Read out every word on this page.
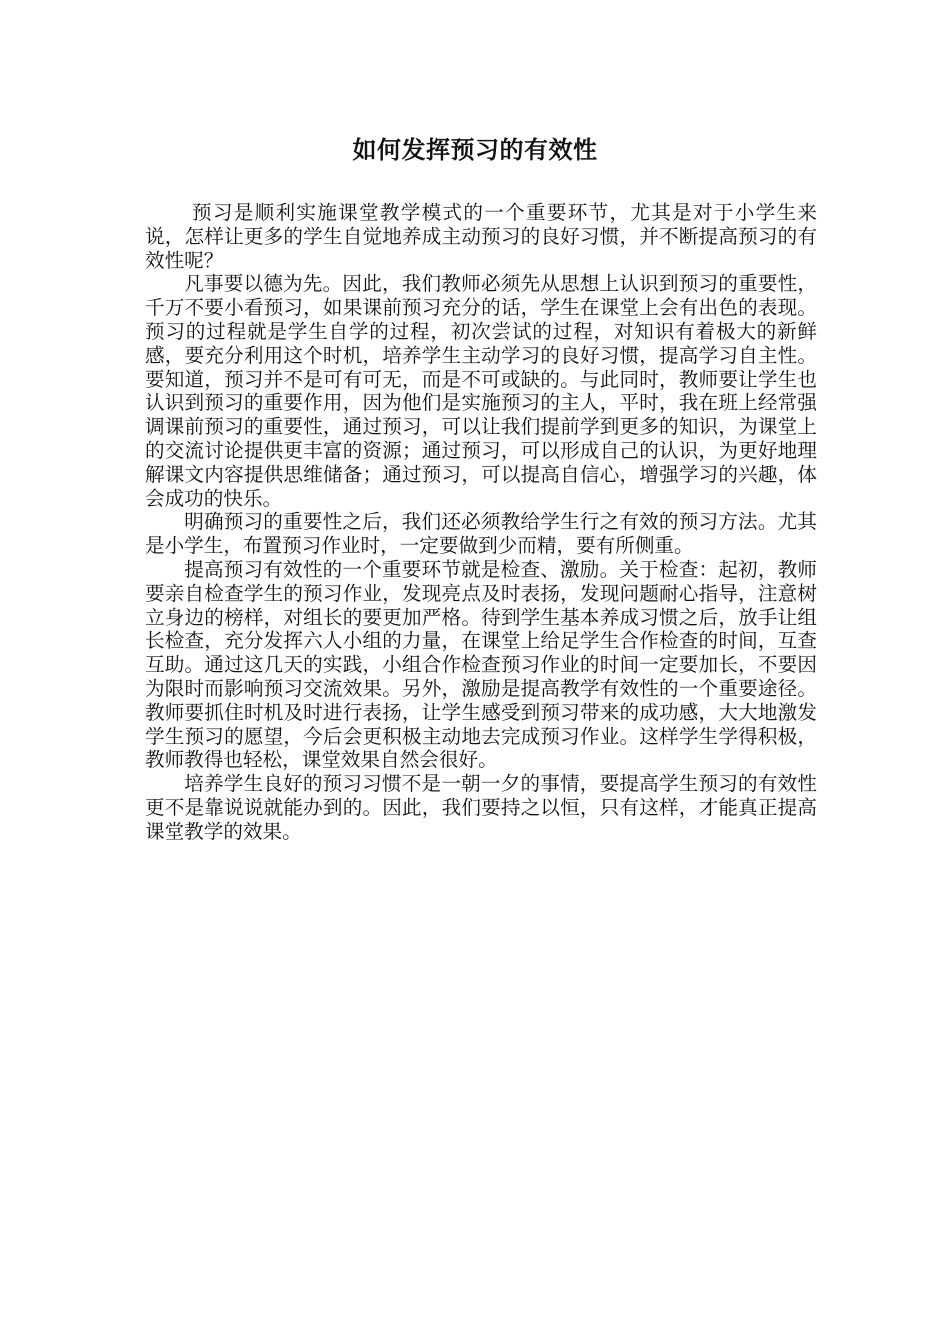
如何发挥预习的有效性

预习是顺利实施课堂教学模式的一个重要环节，尤其是对于小学生来说，怎样让更多的学生自觉地养成主动预习的良好习惯，并不断提高预习的有效性呢？

凡事要以德为先。因此，我们教师必须先从思想上认识到预习的重要性，千万不要小看预习，如果课前预习充分的话，学生在课堂上会有出色的表现。预习的过程就是学生自学的过程，初次尝试的过程，对知识有着极大的新鲜感，要充分利用这个时机，培养学生主动学习的良好习惯，提高学习自主性。要知道，预习并不是可有可无，而是不可或缺的。与此同时，教师要让学生也认识到预习的重要作用，因为他们是实施预习的主人，平时，我在班上经常强调课前预习的重要性，通过预习，可以让我们提前学到更多的知识，为课堂上的交流讨论提供更丰富的资源；通过预习，可以形成自己的认识，为更好地理解课文内容提供思维储备；通过预习，可以提高自信心，增强学习的兴趣，体会成功的快乐。

明确预习的重要性之后，我们还必须教给学生行之有效的预习方法。尤其是小学生，布置预习作业时，一定要做到少而精，要有所侧重。

提高预习有效性的一个重要环节就是检查、激励。关于检查：起初，教师要亲自检查学生的预习作业，发现亮点及时表扬，发现问题耐心指导，注意树立身边的榜样，对组长的要更加严格。待到学生基本养成习惯之后，放手让组长检查，充分发挥六人小组的力量，在课堂上给足学生合作检查的时间，互查互助。通过这几天的实践，小组合作检查预习作业的时间一定要加长，不要因为限时而影响预习交流效果。另外，激励是提高教学有效性的一个重要途径。教师要抓住时机及时进行表扬，让学生感受到预习带来的成功感，大大地激发学生预习的愿望，今后会更积极主动地去完成预习作业。这样学生学得积极，教师教得也轻松，课堂效果自然会很好。

培养学生良好的预习习惯不是一朝一夕的事情，要提高学生预习的有效性更不是靠说说就能办到的。因此，我们要持之以恒，只有这样，才能真正提高课堂教学的效果。
